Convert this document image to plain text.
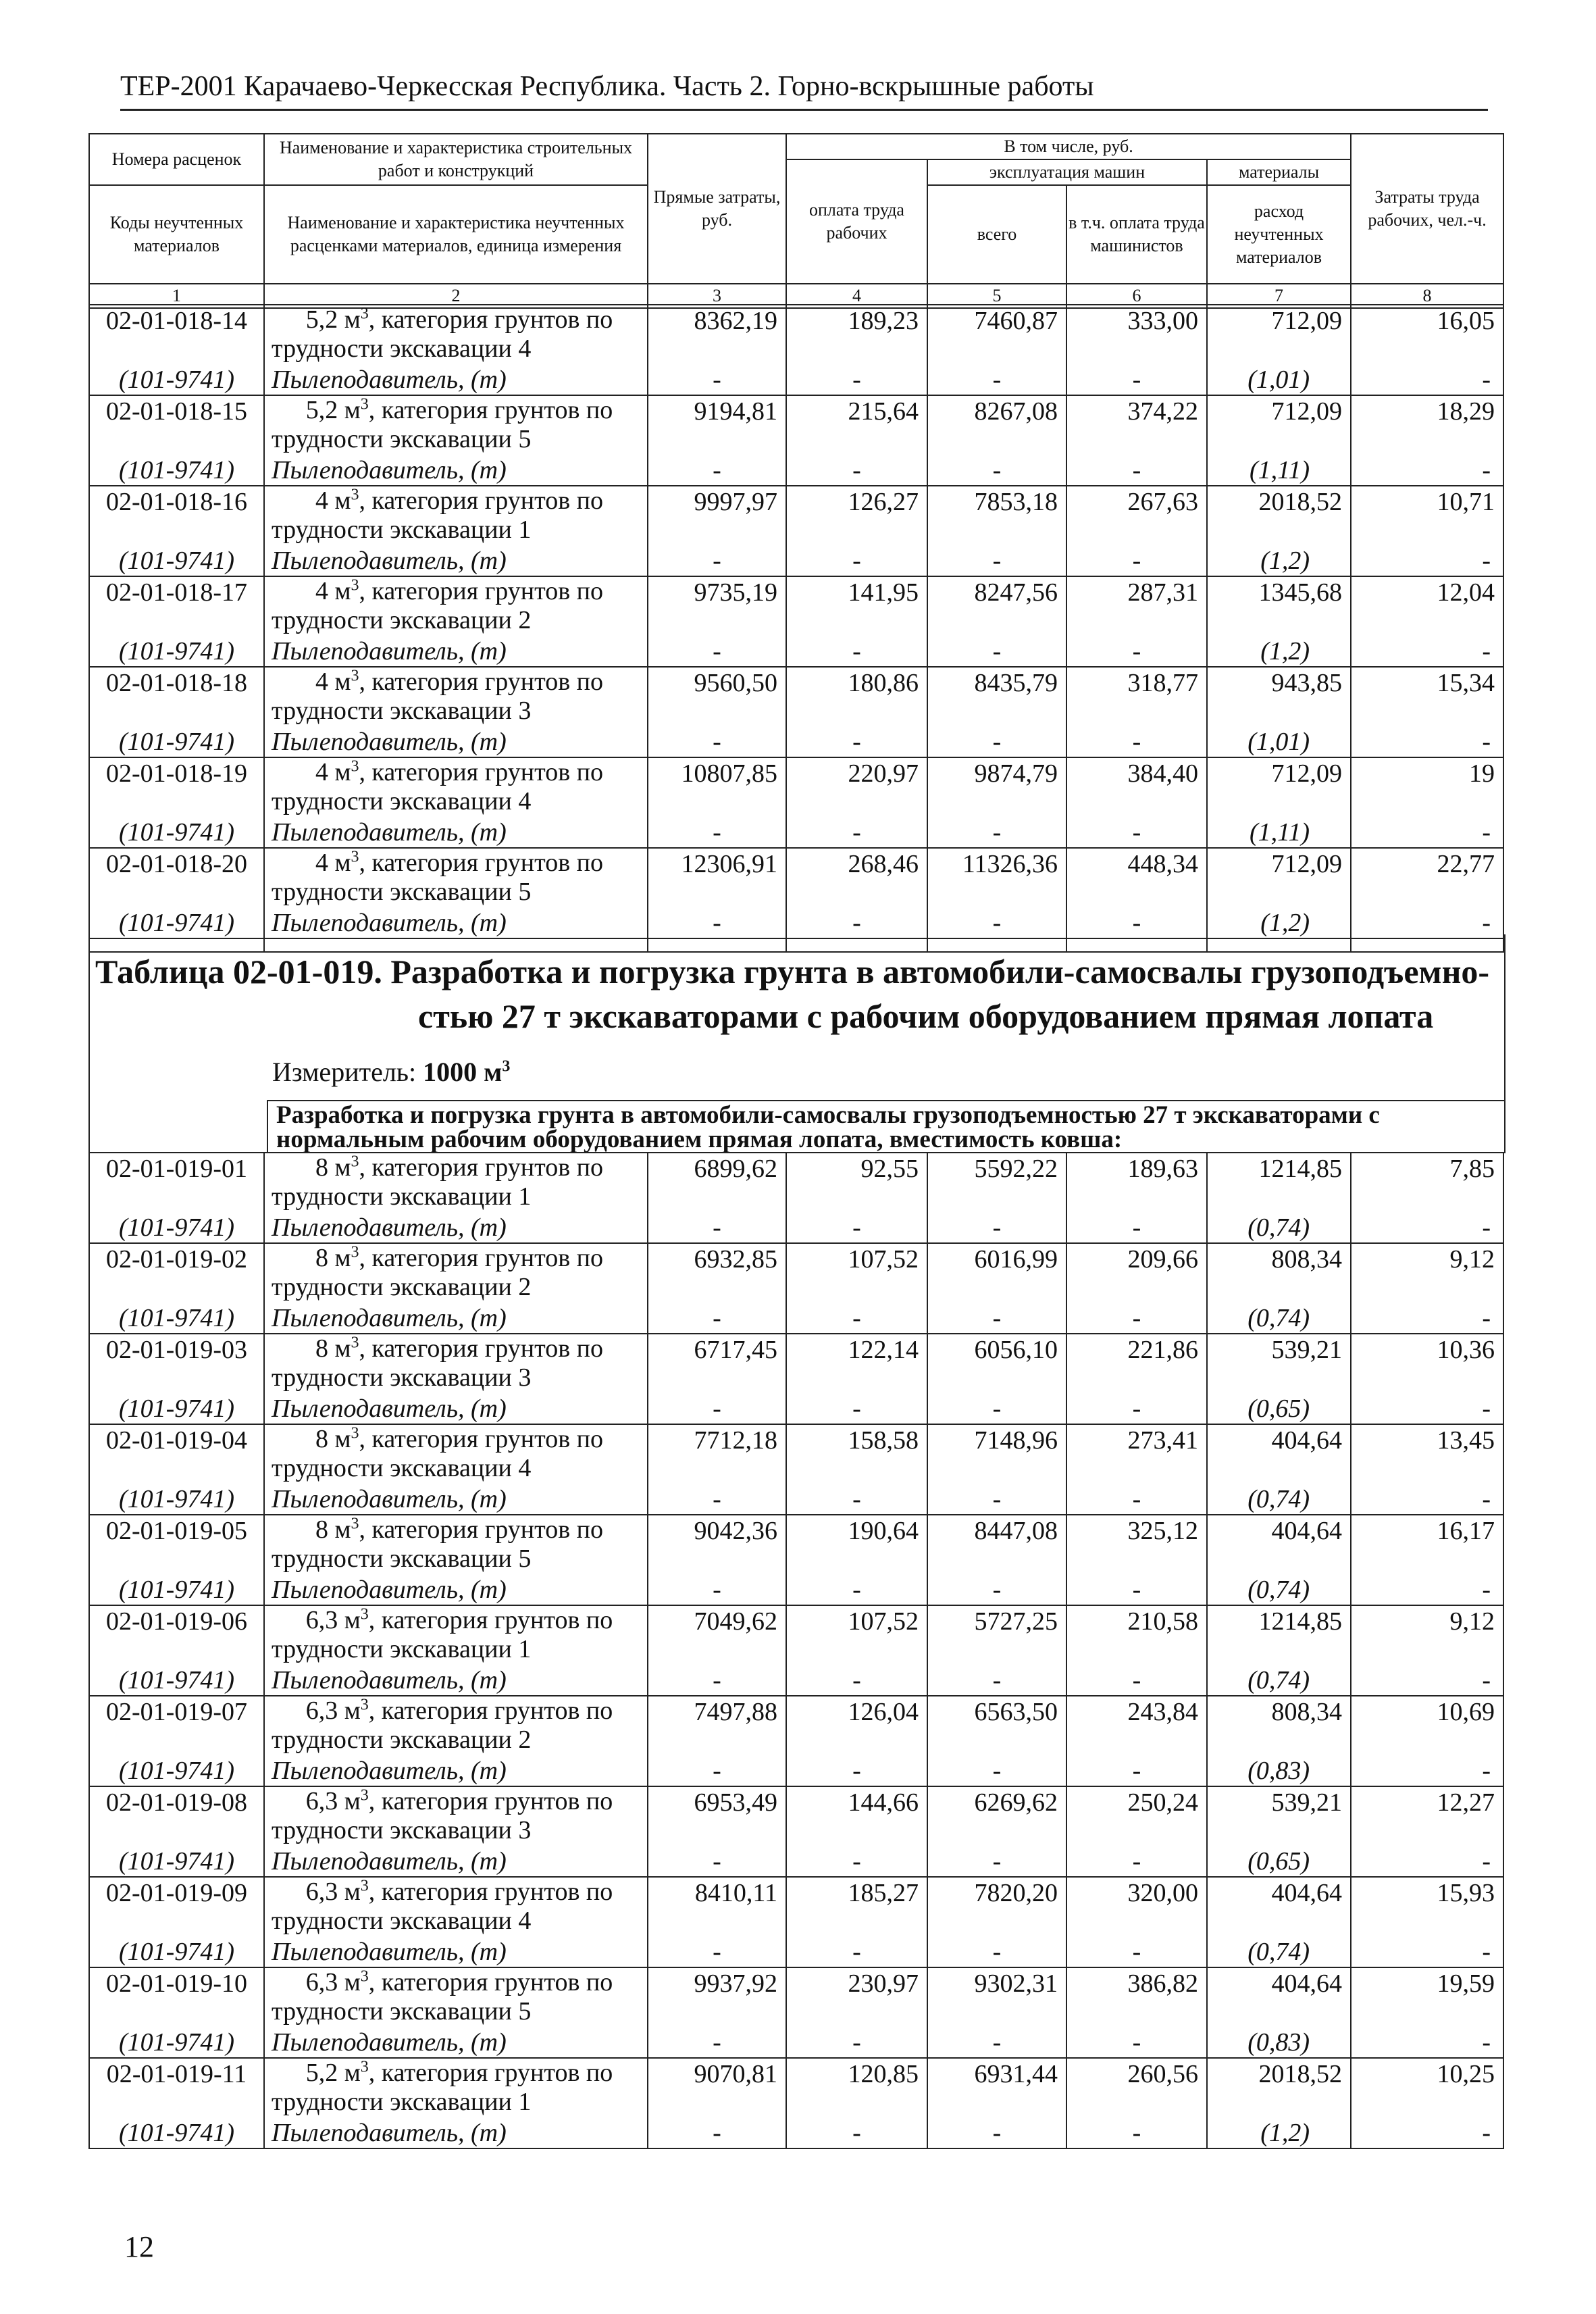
ТЕР-2001 Карачаево-Черкесская Республика. Часть 2. Горно-вскрышные работы
Номера расценок	Наименование и характеристика строительных работ и конструкций	Прямые затраты, руб.	В том числе, руб.				Затраты труда рабочих, чел.-ч.
			оплата труда рабочих	эксплуатация машин		материалы	
Коды неучтенных материалов	Наименование и характеристика неучтенных расценками материалов, единица измерения			всего	в т.ч. оплата труда машинистов	расход неучтенных материалов	

1	2	3	4	5	6	7	8
02-01-018-14	5,2 $м^3$, категория грунтов по
трудности экскавации 4	8362,19	189,23	7460,87	333,00	712,09	16,05
(101-9741)	Пылеподавитель, (т)	-	-	-	-	(1,01)	-
02-01-018-15	5,2 $м^3$, категория грунтов по
трудности экскавации 5	9194,81	215,64	8267,08	374,22	712,09	18,29
(101-9741)	Пылеподавитель, (т)	-	-	-	-	(1,11)	-
02-01-018-16	4 $м^3$, категория грунтов по
трудности экскавации 1	9997,97	126,27	7853,18	267,63	2018,52	10,71
(101-9741)	Пылеподавитель, (т)	-	-	-	-	(1,2)	-
02-01-018-17	4 $м^3$, категория грунтов по
трудности экскавации 2	9735,19	141,95	8247,56	287,31	1345,68	12,04
(101-9741)	Пылеподавитель, (т)	-	-	-	-	(1,2)	-
02-01-018-18	4 $м^3$, категория грунтов по
трудности экскавации 3	9560,50	180,86	8435,79	318,77	943,85	15,34
(101-9741)	Пылеподавитель, (т)	-	-	-	-	(1,01)	-
02-01-018-19	4 $м^3$, категория грунтов по
трудности экскавации 4	10807,85	220,97	9874,79	384,40	712,09	19
(101-9741)	Пылеподавитель, (т)	-	-	-	-	(1,11)	-
02-01-018-20	4 $м^3$, категория грунтов по
трудности экскавации 5	12306,91	268,46	11326,36	448,34	712,09	22,77
(101-9741)	Пылеподавитель, (т)	-	-	-	-	(1,2)	-

Таблица 02-01-019. Разработка и погрузка грунта в автомобили-самосвалы грузоподъемно-
стью 27 т экскаваторами с рабочим оборудованием прямая лопата
Измеритель: 1000 $м^3$
Разработка и погрузка грунта в автомобили-самосвалы грузоподъемностью 27 т экскаваторами с нормальным рабочим оборудованием прямая лопата, вместимость ковша:
02-01-019-01	8 $м^3$, категория грунтов по
трудности экскавации 1	6899,62	92,55	5592,22	189,63	1214,85	7,85
(101-9741)	Пылеподавитель, (т)	-	-	-	-	(0,74)	-
02-01-019-02	8 $м^3$, категория грунтов по
трудности экскавации 2	6932,85	107,52	6016,99	209,66	808,34	9,12
(101-9741)	Пылеподавитель, (т)	-	-	-	-	(0,74)	-
02-01-019-03	8 $м^3$, категория грунтов по
трудности экскавации 3	6717,45	122,14	6056,10	221,86	539,21	10,36
(101-9741)	Пылеподавитель, (т)	-	-	-	-	(0,65)	-
02-01-019-04	8 $м^3$, категория грунтов по
трудности экскавации 4	7712,18	158,58	7148,96	273,41	404,64	13,45
(101-9741)	Пылеподавитель, (т)	-	-	-	-	(0,74)	-
02-01-019-05	8 $м^3$, категория грунтов по
трудности экскавации 5	9042,36	190,64	8447,08	325,12	404,64	16,17
(101-9741)	Пылеподавитель, (т)	-	-	-	-	(0,74)	-
02-01-019-06	6,3 $м^3$, категория грунтов по
трудности экскавации 1	7049,62	107,52	5727,25	210,58	1214,85	9,12
(101-9741)	Пылеподавитель, (т)	-	-	-	-	(0,74)	-
02-01-019-07	6,3 $м^3$, категория грунтов по
трудности экскавации 2	7497,88	126,04	6563,50	243,84	808,34	10,69
(101-9741)	Пылеподавитель, (т)	-	-	-	-	(0,83)	-
02-01-019-08	6,3 $м^3$, категория грунтов по
трудности экскавации 3	6953,49	144,66	6269,62	250,24	539,21	12,27
(101-9741)	Пылеподавитель, (т)	-	-	-	-	(0,65)	-
02-01-019-09	6,3 $м^3$, категория грунтов по
трудности экскавации 4	8410,11	185,27	7820,20	320,00	404,64	15,93
(101-9741)	Пылеподавитель, (т)	-	-	-	-	(0,74)	-
02-01-019-10	6,3 $м^3$, категория грунтов по
трудности экскавации 5	9937,92	230,97	9302,31	386,82	404,64	19,59
(101-9741)	Пылеподавитель, (т)	-	-	-	-	(0,83)	-
02-01-019-11	5,2 $м^3$, категория грунтов по
трудности экскавации 1	9070,81	120,85	6931,44	260,56	2018,52	10,25
(101-9741)	Пылеподавитель, (т)	-	-	-	-	(1,2)	-
12
